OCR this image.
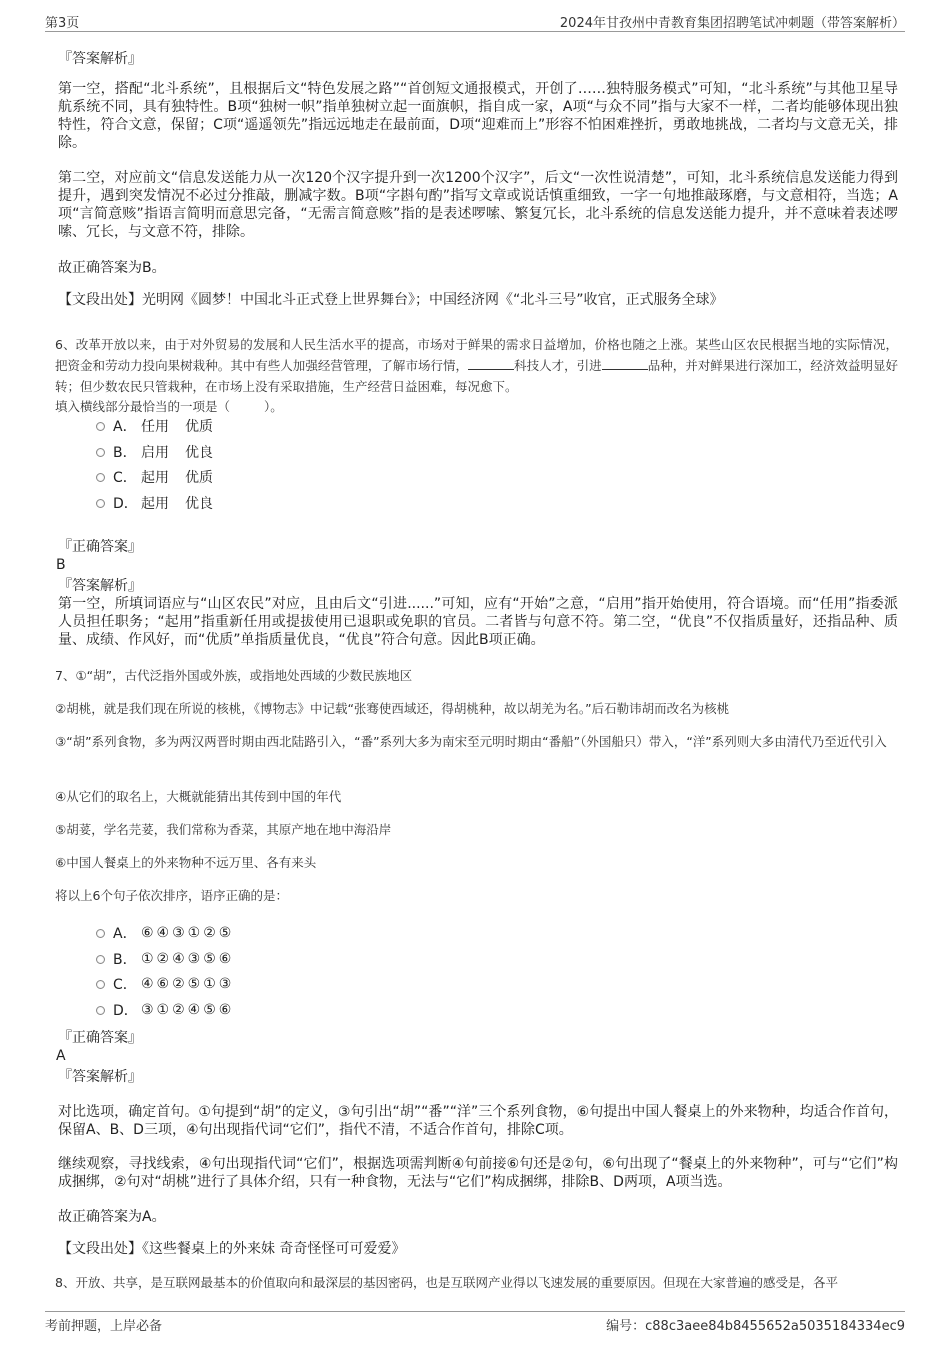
第3页	2024年甘孜州中青教育集团招聘笔试冲刺题（带答案解析）
『答案解析』
第一空，搭配“北斗系统”，且根据后文“特色发展之路”“首创短文通报模式，开创了……独特服务模式”可知，“北斗系统”与其他卫星导航系统不同，具有独特性。B项“独树一帜”指单独树立起一面旗帜，指自成一家，A项“与众不同”指与大家不一样，二者均能够体现出独特性，符合文意，保留；C项“遥遥领先”指远远地走在最前面，D项“迎难而上”形容不怕困难挫折，勇敢地挑战，二者均与文意无关，排除。
第二空，对应前文“信息发送能力从一次120个汉字提升到一次1200个汉字”，后文“一次性说清楚”，可知，北斗系统信息发送能力得到提升，遇到突发情况不必过分推敲，删减字数。B项“字斟句酌”指写文章或说话慎重细致，一字一句地推敲琢磨，与文意相符，当选；A项“言简意赅”指语言简明而意思完备，“无需言简意赅”指的是表述啰嗦、繁复冗长，北斗系统的信息发送能力提升，并不意味着表述啰嗦、冗长，与文意不符，排除。
故正确答案为B。
【文段出处】光明网《圆梦！中国北斗正式登上世界舞台》；中国经济网《“北斗三号”收官，正式服务全球》
6、改革开放以来，由于对外贸易的发展和人民生活水平的提高，市场对于鲜果的需求日益增加，价格也随之上涨。某些山区农民根据当地的实际情况，把资金和劳动力投向果树栽种。其中有些人加强经营管理，了解市场行情，	科技人才，引进	品种，并对鲜果进行深加工，经济效益明显好转；但少数农民只管栽种，在市场上没有采取措施，生产经营日益困难，每况愈下。
填入横线部分最恰当的一项是（	）。
A． 任用 优质
B． 启用 优良
C． 起用 优质
D． 起用 优良
『正确答案』
B
『答案解析』
第一空，所填词语应与“山区农民”对应，且由后文“引进......”可知，应有“开始”之意，“启用”指开始使用，符合语境。而“任用”指委派人员担任职务；“起用”指重新任用或提拔使用已退职或免职的官员。二者皆与句意不符。第二空，“优良”不仅指质量好，还指品种、质量、成绩、作风好，而“优质”单指质量优良，“优良”符合句意。因此B项正确。
7、①“胡”，古代泛指外国或外族，或指地处西域的少数民族地区
②胡桃，就是我们现在所说的核桃，《博物志》中记载“张骞使西域还，得胡桃种，故以胡羌为名。”后石勒讳胡而改名为核桃
③“胡”系列食物，多为两汉两晋时期由西北陆路引入，“番”系列大多为南宋至元明时期由“番船”（外国船只）带入，“洋”系列则大多由清代乃至近代引入
④从它们的取名上，大概就能猜出其传到中国的年代
⑤胡荽，学名芫荽，我们常称为香菜，其原产地在地中海沿岸
⑥中国人餐桌上的外来物种不远万里、各有来头
将以上6个句子依次排序，语序正确的是：
A． ⑥④③①②⑤
B． ①②④③⑤⑥
C． ④⑥②⑤①③
D． ③①②④⑤⑥
『正确答案』
A
『答案解析』
对比选项，确定首句。①句提到“胡”的定义，③句引出“胡”“番”“洋”三个系列食物，⑥句提出中国人餐桌上的外来物种，均适合作首句，保留A、B、D三项，④句出现指代词“它们”，指代不清，不适合作首句，排除C项。
继续观察，寻找线索，④句出现指代词“它们”，根据选项需判断④句前接⑥句还是②句，⑥句出现了“餐桌上的外来物种”，可与“它们”构成捆绑，②句对“胡桃”进行了具体介绍，只有一种食物，无法与“它们”构成捆绑，排除B、D两项，A项当选。
故正确答案为A。
【文段出处】《这些餐桌上的外来妹 奇奇怪怪可可爱爱》
8、开放、共享，是互联网最基本的价值取向和最深层的基因密码，也是互联网产业得以飞速发展的重要原因。但现在大家普遍的感受是，各平
考前押题，上岸必备	编号：c88c3aee84b8455652a5035184334ec9
